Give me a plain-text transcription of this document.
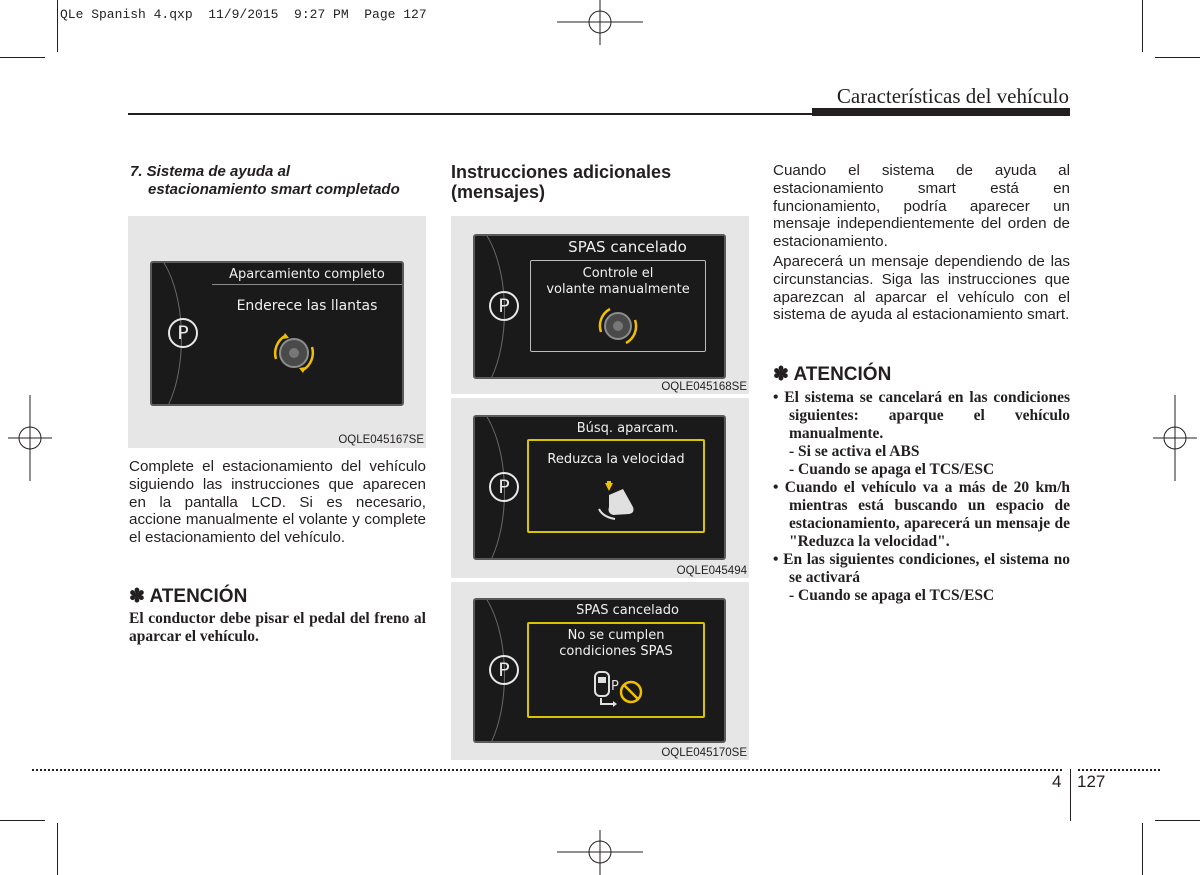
QLe Spanish 4.qxp  11/9/2015  9:27 PM  Page 127
Características del vehículo
7. Sistema de ayuda al
estacionamiento smart completado
P
Aparcamiento completo
Enderece las llantas
OQLE045167SE
Complete el estacionamiento del vehículo siguiendo las instrucciones que aparecen en la pantalla LCD. Si es necesario, accione manualmente el volante y complete el estacionamiento del vehículo.
✽ ATENCIÓN
El conductor debe pisar el pedal del freno al aparcar el vehículo.
Instrucciones adicionales
(mensajes)
P
SPAS cancelado
Controle el
volante manualmente
OQLE045168SE
P
Búsq. aparcam.
Reduzca la velocidad
OQLE045494
P
SPAS cancelado
No se cumplen
condiciones SPAS
P
OQLE045170SE

Cuando el sistema de ayuda al estacionamiento smart está en funcionamiento, podría aparecer un mensaje independientemente del orden de estacionamiento.

Aparecerá un mensaje dependiendo de las circunstancias. Siga las instrucciones que aparezcan al aparcar el vehículo con el sistema de ayuda al estacionamiento smart.

✽ ATENCIÓN
• El sistema se cancelará en las condiciones siguientes: aparque el vehículo manualmente.
- Si se activa el ABS
- Cuando se apaga el TCS/ESC
• Cuando el vehículo va a más de 20 km/h mientras está buscando un espacio de estacionamiento, aparecerá un mensaje de "Reduzca la velocidad".
• En las siguientes condiciones, el sistema no se activará
- Cuando se apaga el TCS/ESC
4 127
